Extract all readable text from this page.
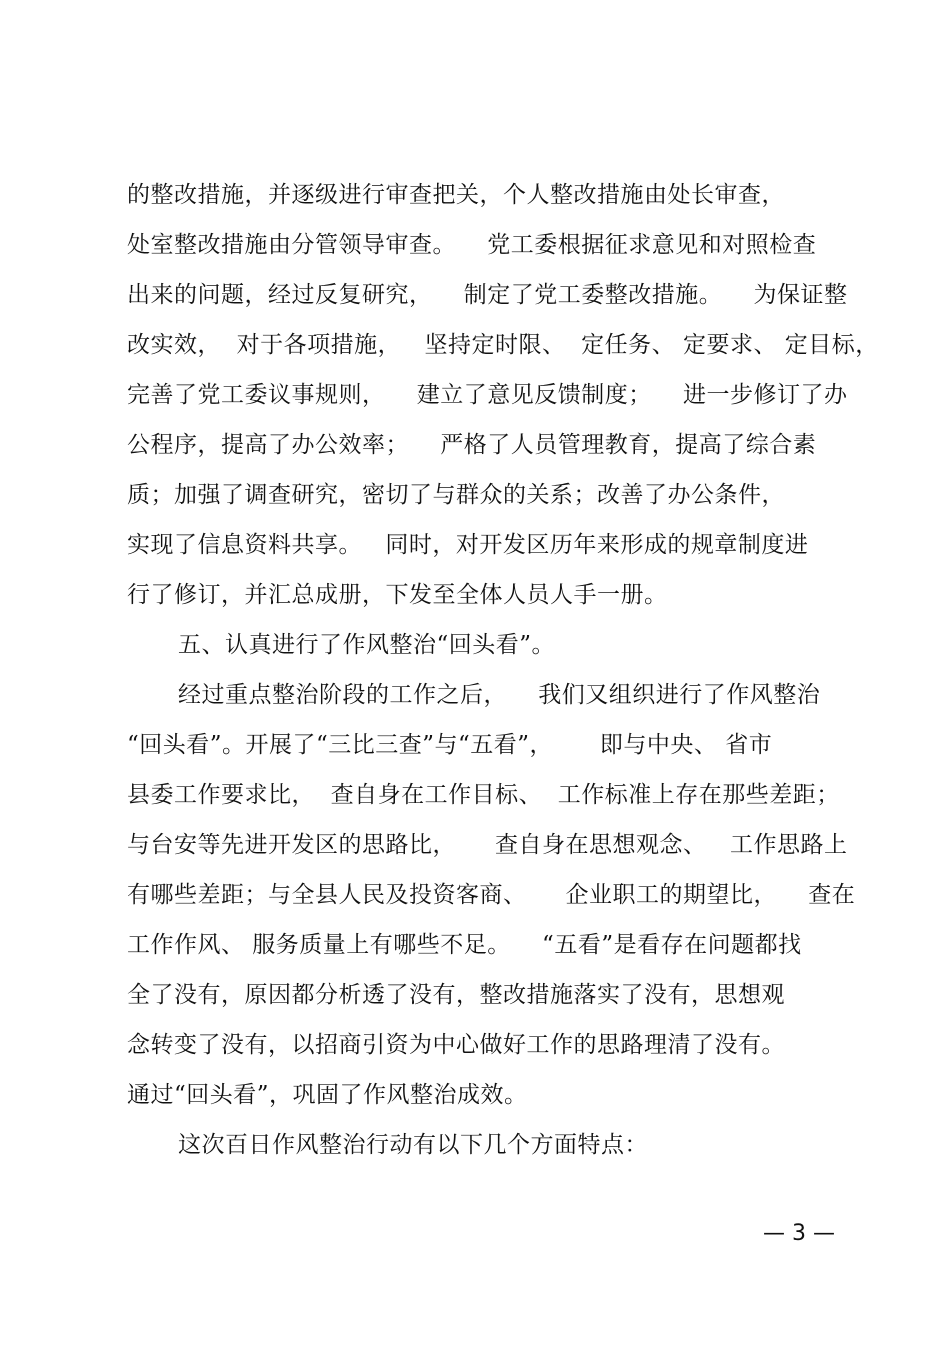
的整改措施，并逐级进行审查把关，个人整改措施由处长审查，
处室整改措施由分管领导审查。    党工委根据征求意见和对照检查
出来的问题，经过反复研究，    制定了党工委整改措施。    为保证整
改实效，  对于各项措施，   坚持定时限、  定任务、 定要求、 定目标，
完善了党工委议事规则，    建立了意见反馈制度；    进一步修订了办
公程序，提高了办公效率；    严格了人员管理教育，提高了综合素
质；加强了调查研究，密切了与群众的关系；改善了办公条件，
实现了信息资料共享。   同时，对开发区历年来形成的规章制度进
行了修订，并汇总成册，下发至全体人员人手一册。
五、认真进行了作风整治“回头看”。
经过重点整治阶段的工作之后，    我们又组织进行了作风整治
“回头看”。开展了“三比三查”与“五看”，      即与中央、 省市
县委工作要求比，  查自身在工作目标、  工作标准上存在那些差距；
与台安等先进开发区的思路比，     查自身在思想观念、   工作思路上
有哪些差距；与全县人民及投资客商、     企业职工的期望比，    查在
工作作风、 服务质量上有哪些不足。    “五看”是看存在问题都找
全了没有，原因都分析透了没有，整改措施落实了没有，思想观
念转变了没有，以招商引资为中心做好工作的思路理清了没有。
通过“回头看”，巩固了作风整治成效。
这次百日作风整治行动有以下几个方面特点：
— 3 —
